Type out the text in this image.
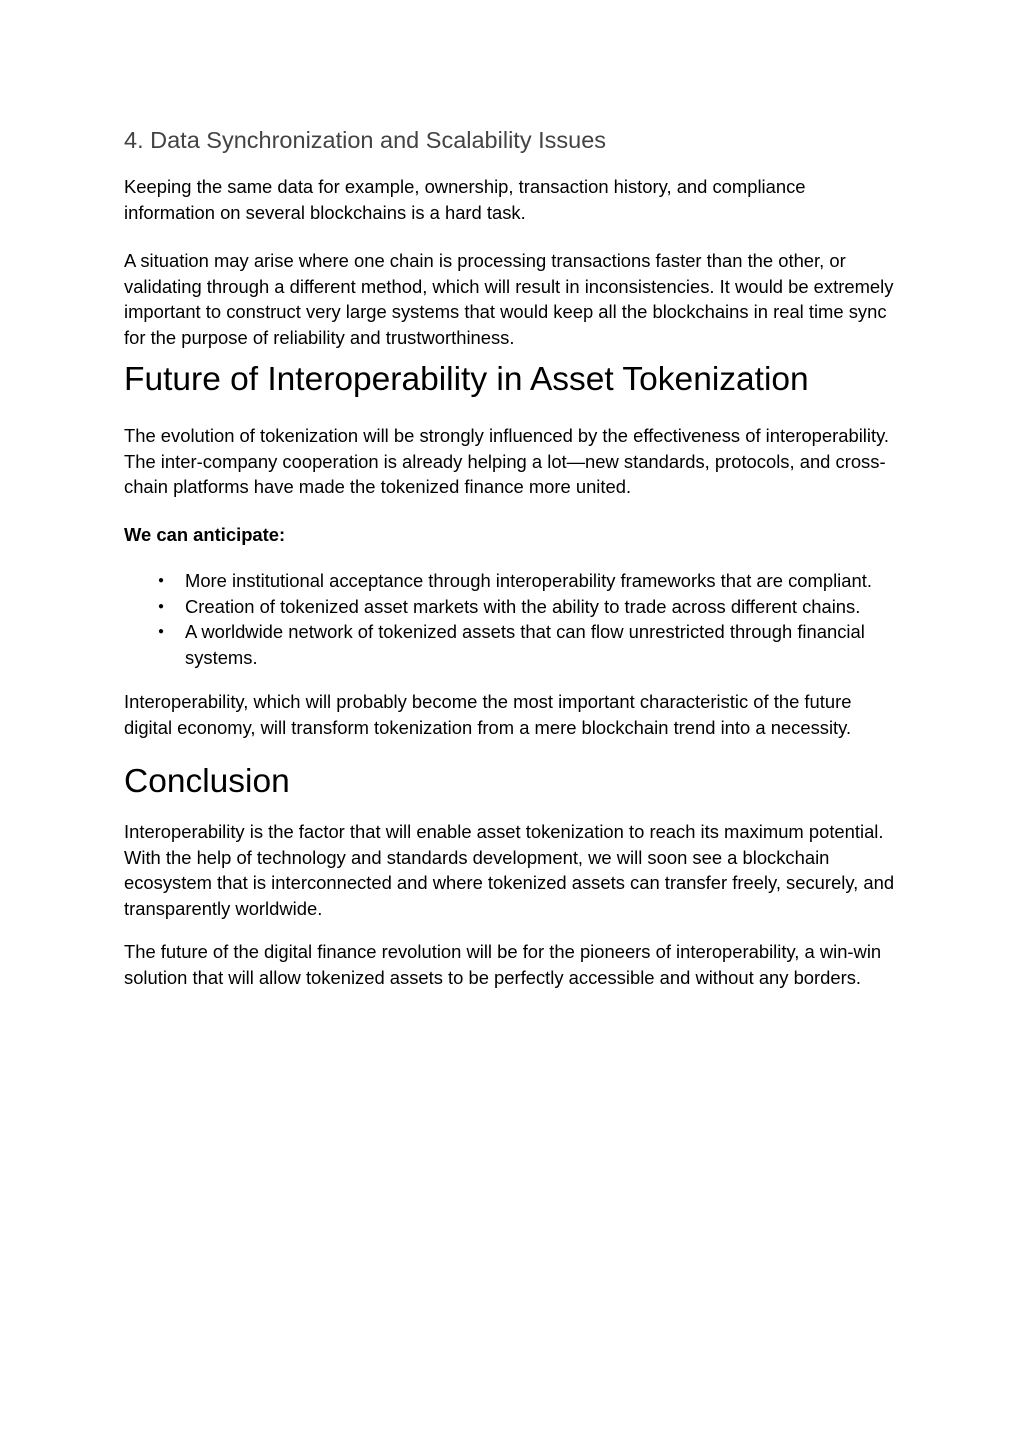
4. Data Synchronization and Scalability Issues

Keeping the same data for example, ownership, transaction history, and compliance information on several blockchains is a hard task.

A situation may arise where one chain is processing transactions faster than the other, or validating through a different method, which will result in inconsistencies. It would be extremely important to construct very large systems that would keep all the blockchains in real time sync for the purpose of reliability and trustworthiness.

Future of Interoperability in Asset Tokenization

The evolution of tokenization will be strongly influenced by the effectiveness of interoperability. The inter-company cooperation is already helping a lot—new standards, protocols, and cross-chain platforms have made the tokenized finance more united.

We can anticipate:

● More institutional acceptance through interoperability frameworks that are compliant.
● Creation of tokenized asset markets with the ability to trade across different chains.
● A worldwide network of tokenized assets that can flow unrestricted through financial systems.

Interoperability, which will probably become the most important characteristic of the future digital economy, will transform tokenization from a mere blockchain trend into a necessity.

Conclusion

Interoperability is the factor that will enable asset tokenization to reach its maximum potential. With the help of technology and standards development, we will soon see a blockchain ecosystem that is interconnected and where tokenized assets can transfer freely, securely, and transparently worldwide.

The future of the digital finance revolution will be for the pioneers of interoperability, a win-win solution that will allow tokenized assets to be perfectly accessible and without any borders.
